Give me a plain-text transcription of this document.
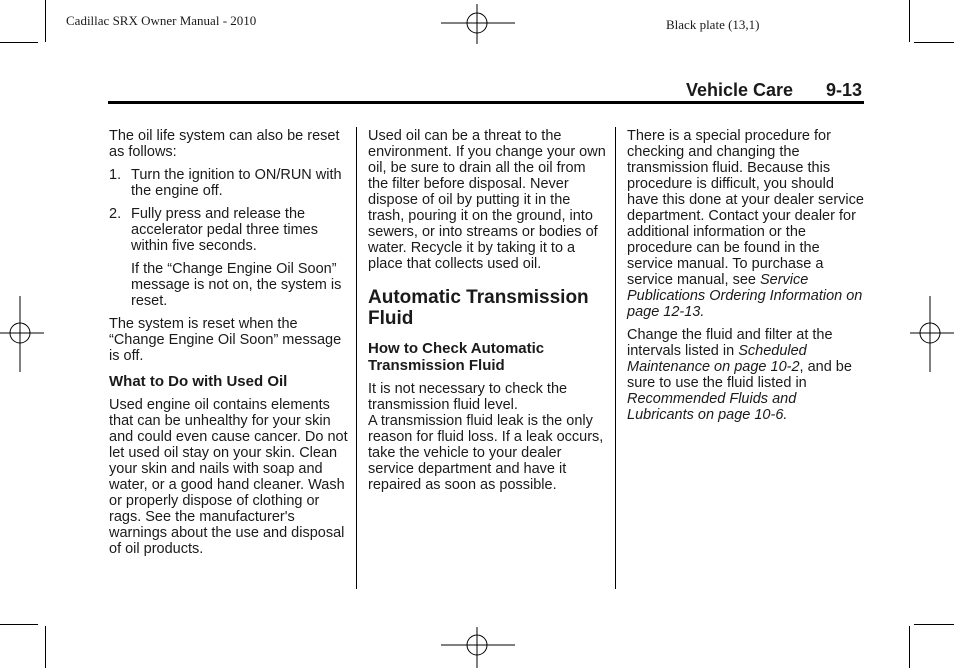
Cadillac SRX Owner Manual - 2010	Black plate (13,1)
Vehicle Care 9-13

The oil life system can also be reset as follows:

1. Turn the ignition to ON/RUN with the engine off.
2. Fully press and release the accelerator pedal three times within five seconds.

If the “Change Engine Oil Soon” message is not on, the system is reset.

The system is reset when the “Change Engine Oil Soon” message is off.

What to Do with Used Oil

Used engine oil contains elements that can be unhealthy for your skin and could even cause cancer. Do not let used oil stay on your skin. Clean your skin and nails with soap and water, or a good hand cleaner. Wash or properly dispose of clothing or rags. See the manufacturer's warnings about the use and disposal of oil products.

Used oil can be a threat to the environment. If you change your own oil, be sure to drain all the oil from the filter before disposal. Never dispose of oil by putting it in the trash, pouring it on the ground, into sewers, or into streams or bodies of water. Recycle it by taking it to a place that collects used oil.

Automatic Transmission Fluid
How to Check Automatic Transmission Fluid

It is not necessary to check the transmission fluid level.

A transmission fluid leak is the only reason for fluid loss. If a leak occurs, take the vehicle to your dealer service department and have it repaired as soon as possible.

There is a special procedure for checking and changing the transmission fluid. Because this procedure is difficult, you should have this done at your dealer service department. Contact your dealer for additional information or the procedure can be found in the service manual. To purchase a service manual, see Service Publications Ordering Information on page 12-13.

Change the fluid and filter at the intervals listed in Scheduled Maintenance on page 10-2, and be sure to use the fluid listed in Recommended Fluids and Lubricants on page 10-6.
